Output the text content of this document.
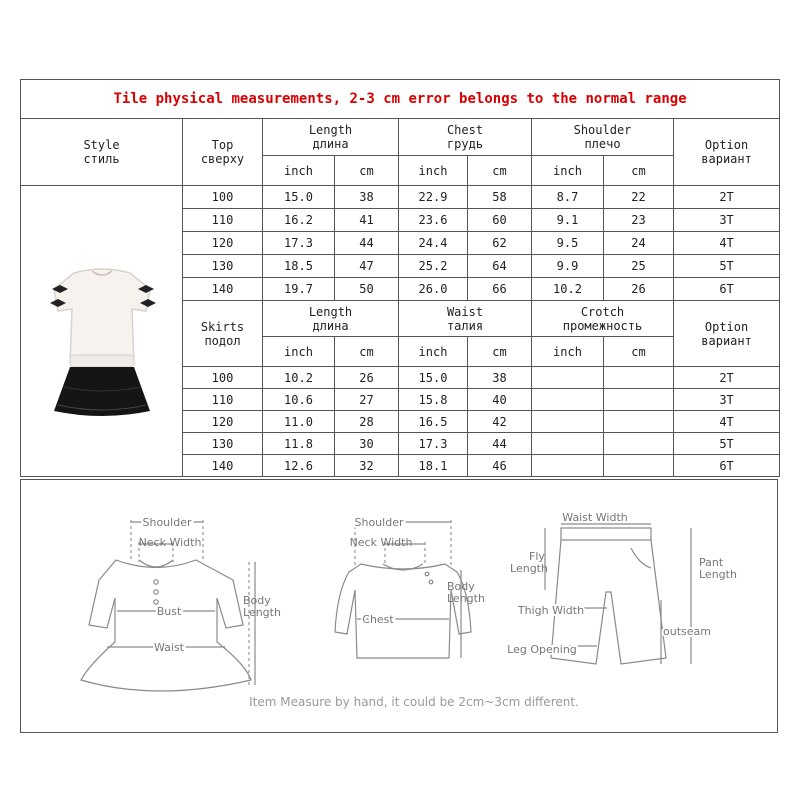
Tile physical measurements, 2-3 cm error belongs to the normal range								

Style
стиль	Top
сверху	Length
длина		Chest
грудь		Shoulder
плечо		Option
вариант

		inch	cm	inch	cm	inch	cm	
	100	15.0	38	22.9	58	8.7	22	2T
	110	16.2	41	23.6	60	9.1	23	3T
	120	17.3	44	24.4	62	9.5	24	4T
	130	18.5	47	25.2	64	9.9	25	5T
	140	19.7	50	26.0	66	10.2	26	6T

	Skirts
подол	Length
длина		Waist
талия		Crotch
промежность		Option
вариант

		inch	cm	inch	cm	inch	cm	
	100	10.2	26	15.0	38			2T
	110	10.6	27	15.8	40			3T
	120	11.0	28	16.5	42			4T
	130	11.8	30	17.3	44			5T
	140	12.6	32	18.1	46			6T
Shoulder
Neck Width
Bust
Waist
Body
Length
Shoulder
Neck Width
Chest
Body
Length
Waist Width
Fly
Length	Pant
Length
Thigh Width
outseam
Leg Opening
Item Measure by hand, it could be 2cm~3cm different.
